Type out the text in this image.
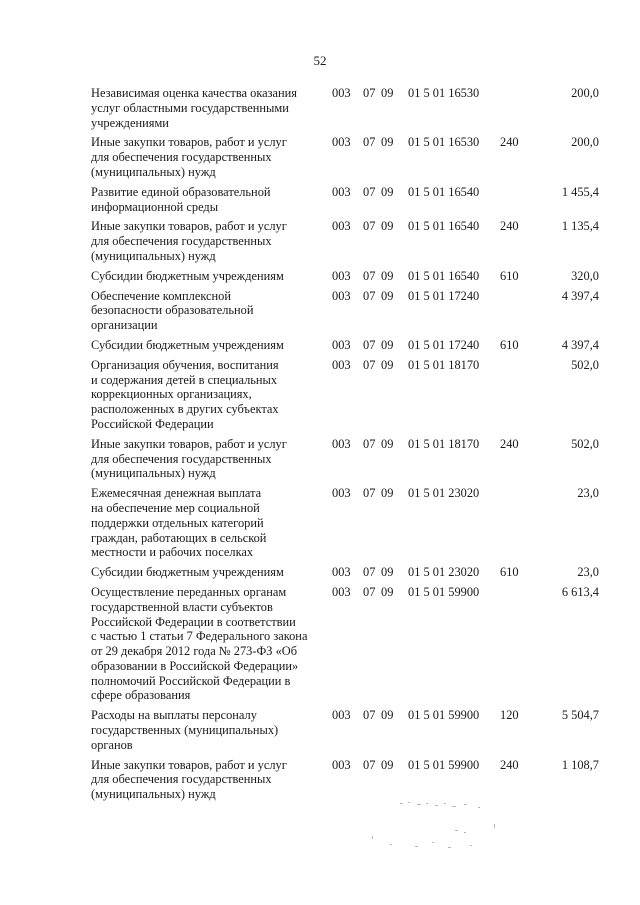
52
Независимая оценка качества оказания
услуг областными государственными
учреждениями
003 07 09 01 5 01 16530	200,0
Иные закупки товаров, работ и услуг
для обеспечения государственных
(муниципальных) нужд
003 07 09 01 5 01 16530 240	200,0
Развитие единой образовательной
информационной среды
003 07 09 01 5 01 16540	1 455,4
Иные закупки товаров, работ и услуг
для обеспечения государственных
(муниципальных) нужд
003 07 09 01 5 01 16540 240	1 135,4
Субсидии бюджетным учреждениям	003 07 09 01 5 01 16540 610	320,0
Обеспечение комплексной
безопасности образовательной
организации
003 07 09 01 5 01 17240	4 397,4
Субсидии бюджетным учреждениям	003 07 09 01 5 01 17240 610	4 397,4
Организация обучения, воспитания
и содержания детей в специальных
коррекционных организациях,
расположенных в других субъектах
Российской Федерации
003 07 09 01 5 01 18170	502,0
Иные закупки товаров, работ и услуг
для обеспечения государственных
(муниципальных) нужд
003 07 09 01 5 01 18170 240	502,0
Ежемесячная денежная выплата
на обеспечение мер социальной
поддержки отдельных категорий
граждан, работающих в сельской
местности и рабочих поселках
003 07 09 01 5 01 23020	23,0
Субсидии бюджетным учреждениям	003 07 09 01 5 01 23020 610	23,0
Осуществление переданных органам
государственной власти субъектов
Российской Федерации в соответствии
с частью 1 статьи 7 Федерального закона
от 29 декабря 2012 года № 273-ФЗ «Об
образовании в Российской Федерации»
полномочий Российской Федерации в
сфере образования
003 07 09 01 5 01 59900	6 613,4
Расходы на выплаты персоналу
государственных (муниципальных)
органов
003 07 09 01 5 01 59900 120	5 504,7
Иные закупки товаров, работ и услуг
для обеспечения государственных
(муниципальных) нужд
003 07 09 01 5 01 59900 240	1 108,7
